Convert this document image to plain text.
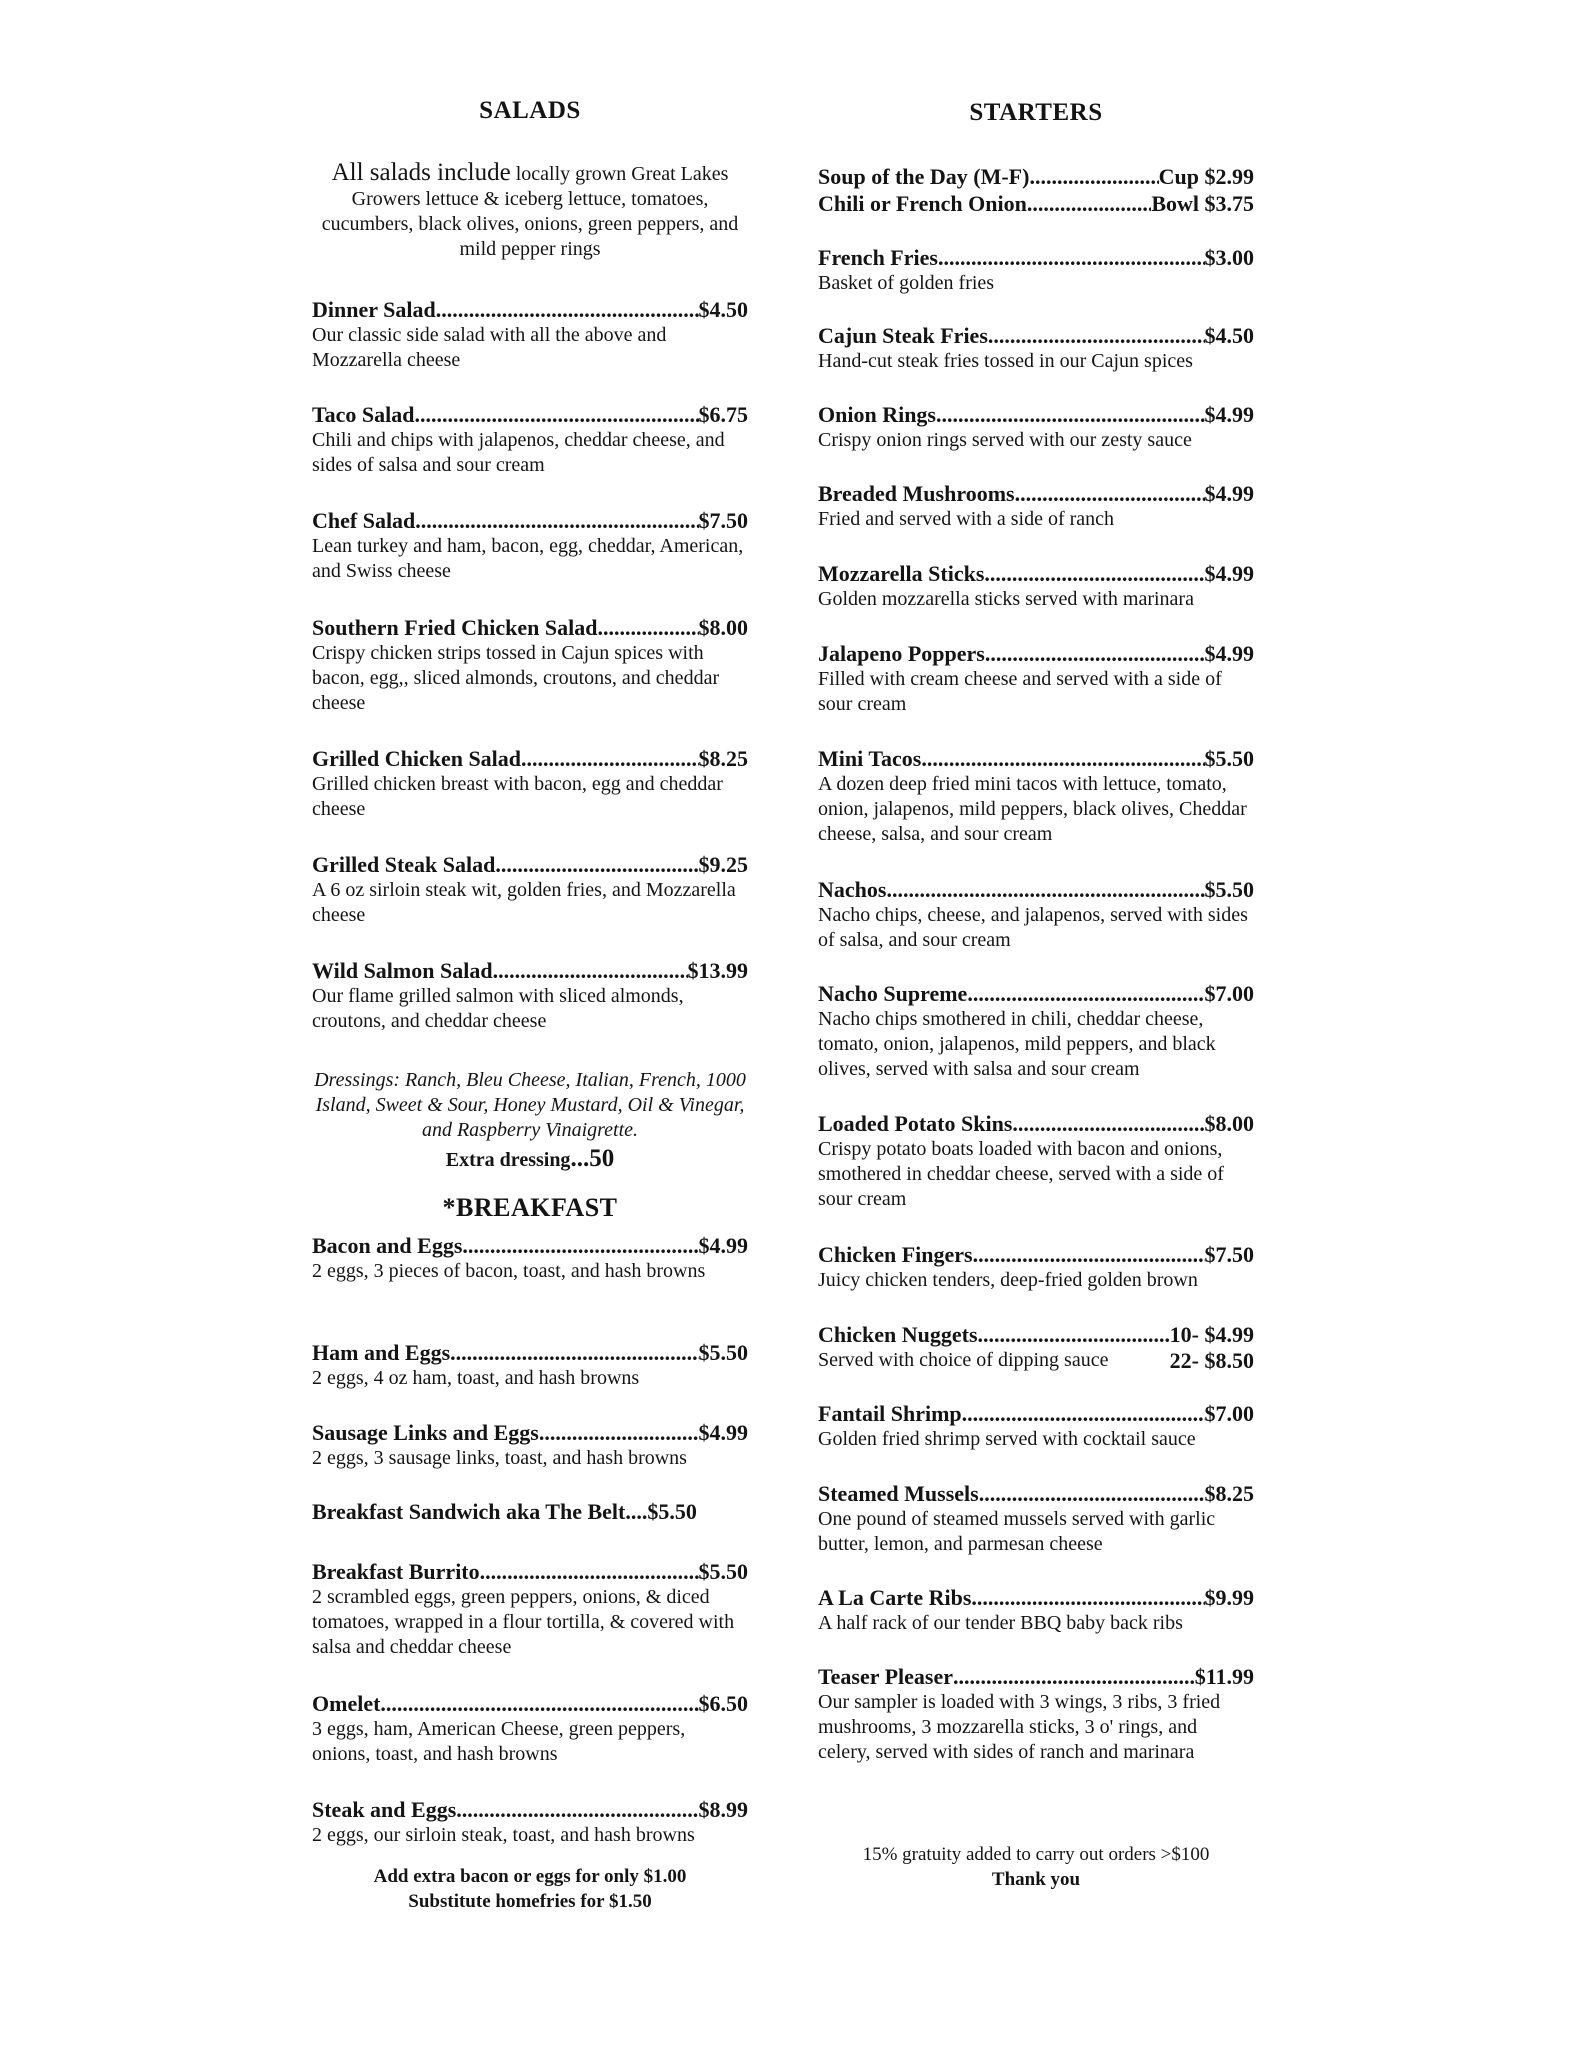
SALADS
All salads include locally grown Great Lakes Growers lettuce & iceberg lettuce, tomatoes, cucumbers, black olives, onions, green peppers, and mild pepper rings
Dinner Salad .....	$4.50
Our classic side salad with all the above and Mozzarella cheese
Taco Salad .....	$6.75
Chili and chips with jalapenos, cheddar cheese, and sides of salsa and sour cream
Chef Salad .....	$7.50
Lean turkey and ham, bacon, egg, cheddar, American, and Swiss cheese
Southern Fried Chicken Salad .....	$8.00
Crispy chicken strips tossed in Cajun spices with bacon, egg,, sliced almonds, croutons, and cheddar cheese
Grilled Chicken Salad .....	$8.25
Grilled chicken breast with bacon, egg and cheddar cheese
Grilled Steak Salad .....	$9.25
A 6 oz sirloin steak wit, golden fries, and Mozzarella cheese
Wild Salmon Salad .....	$13.99
Our flame grilled salmon with sliced almonds, croutons, and cheddar cheese
Dressings: Ranch, Bleu Cheese, Italian, French, 1000 Island, Sweet & Sour, Honey Mustard, Oil & Vinegar, and Raspberry Vinaigrette.
Extra dressing...50
*BREAKFAST
Bacon and Eggs .....	$4.99
2 eggs, 3 pieces of bacon, toast, and hash browns
Ham and Eggs .....	$5.50
2 eggs, 4 oz ham, toast, and hash browns
Sausage Links and Eggs .....	$4.99
2 eggs, 3 sausage links, toast, and hash browns
Breakfast Sandwich aka The Belt....$5.50
Breakfast Burrito .....	$5.50
2 scrambled eggs, green peppers, onions, & diced tomatoes, wrapped in a flour tortilla, & covered with salsa and cheddar cheese
Omelet .....	$6.50
3 eggs, ham, American Cheese, green peppers, onions, toast, and hash browns
Steak and Eggs .....	$8.99
2 eggs, our sirloin steak, toast, and hash browns
Add extra bacon or eggs for only $1.00
Substitute homefries for $1.50
STARTERS
Soup of the Day (M-F) .....	Cup $2.99
Chili or French Onion .....	Bowl $3.75
French Fries .....	$3.00
Basket of golden fries
Cajun Steak Fries .....	$4.50
Hand-cut steak fries tossed in our Cajun spices
Onion Rings .....	$4.99
Crispy onion rings served with our zesty sauce
Breaded Mushrooms .....	$4.99
Fried and served with a side of ranch
Mozzarella Sticks .....	$4.99
Golden mozzarella sticks served with marinara
Jalapeno Poppers .....	$4.99
Filled with cream cheese and served with a side of sour cream
Mini Tacos .....	$5.50
A dozen deep fried mini tacos with lettuce, tomato, onion, jalapenos, mild peppers, black olives, Cheddar cheese, salsa, and sour cream
Nachos .....	$5.50
Nacho chips, cheese, and jalapenos, served with sides of salsa, and sour cream
Nacho Supreme .....	$7.00
Nacho chips smothered in chili, cheddar cheese, tomato, onion, jalapenos, mild peppers, and black olives, served with salsa and sour cream
Loaded Potato Skins .....	$8.00
Crispy potato boats loaded with bacon and onions, smothered in cheddar cheese, served with a side of sour cream
Chicken Fingers .....	$7.50
Juicy chicken tenders, deep-fried golden brown
Chicken Nuggets .....	10- $4.99
Served with choice of dipping sauce	22- $8.50
Fantail Shrimp .....	$7.00
Golden fried shrimp served with cocktail sauce
Steamed Mussels .....	$8.25
One pound of steamed mussels served with garlic butter, lemon, and parmesan cheese
A La Carte Ribs .....	$9.99
A half rack of our tender BBQ baby back ribs
Teaser Pleaser .....	$11.99
Our sampler is loaded with 3 wings, 3 ribs, 3 fried mushrooms, 3 mozzarella sticks, 3 o' rings, and celery, served with sides of ranch and marinara
15% gratuity added to carry out orders >$100
Thank you
